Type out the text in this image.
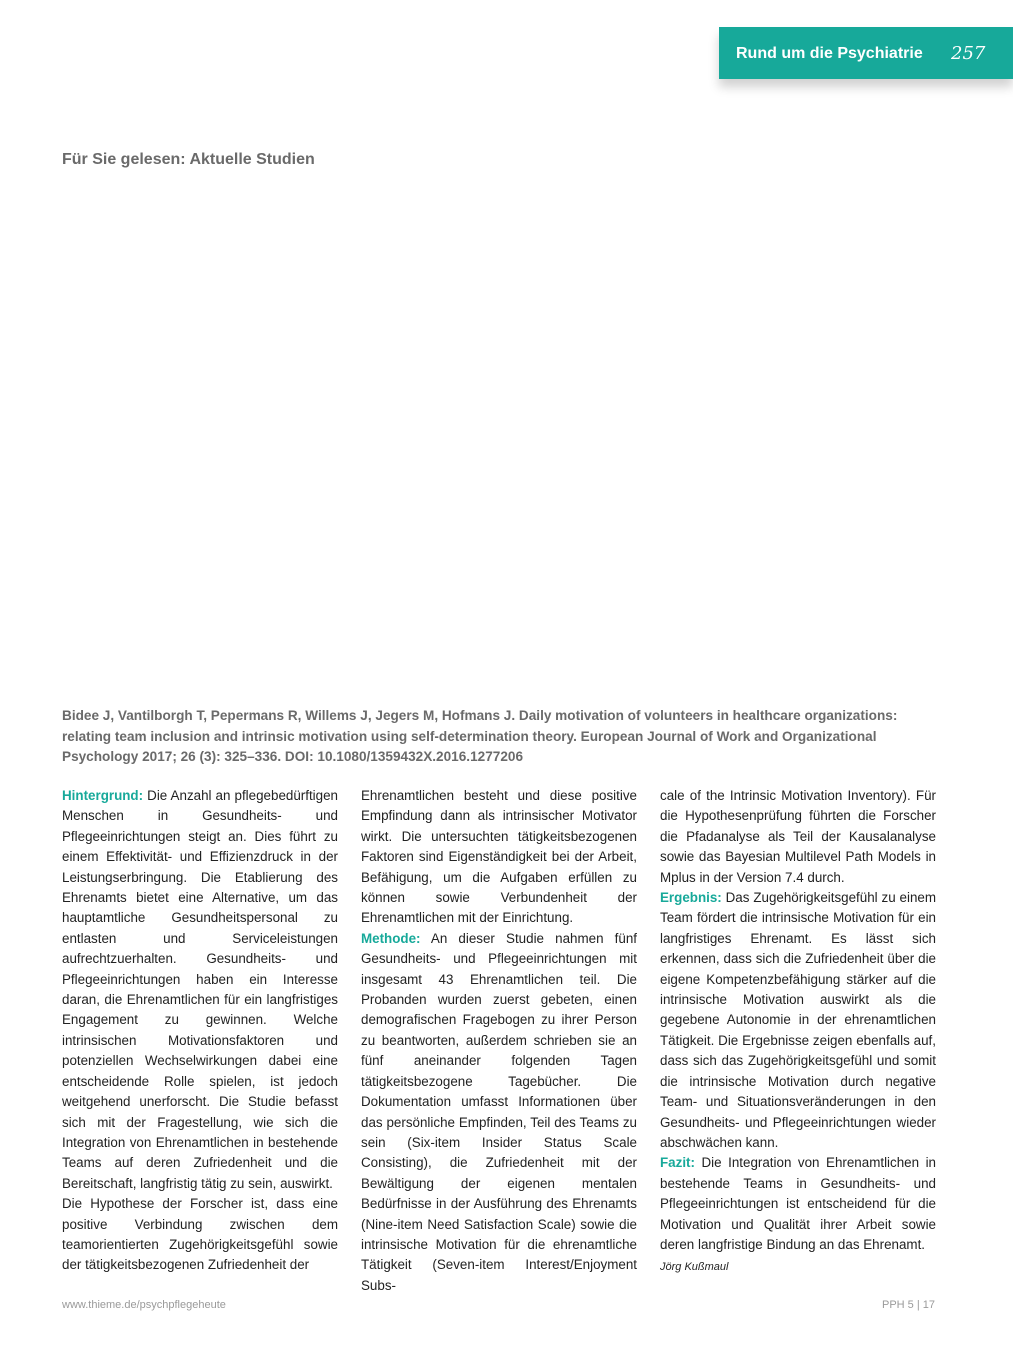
Rund um die Psychiatrie 257
Für Sie gelesen: Aktuelle Studien
Bidee J, Vantilborgh T, Pepermans R, Willems J, Jegers M, Hofmans J. Daily motivation of volunteers in healthcare organizations: relating team inclusion and intrinsic motivation using self-determination theory. European Journal of Work and Organizational Psychology 2017; 26 (3): 325–336. DOI: 10.1080/1359432X.2016.1277206

Hintergrund: Die Anzahl an pflegebedürftigen Menschen in Gesundheits- und Pflegeeinrichtungen steigt an. Dies führt zu einem Effektivität- und Effizienzdruck in der Leistungserbringung. Die Etablierung des Ehrenamts bietet eine Alternative, um das hauptamtliche Gesundheitspersonal zu entlasten und Serviceleistungen aufrechtzuerhalten. Gesundheits- und Pflegeeinrichtungen haben ein Interesse daran, die Ehrenamtlichen für ein langfristiges Engagement zu gewinnen. Welche intrinsischen Motivationsfaktoren und potenziellen Wechselwirkungen dabei eine entscheidende Rolle spielen, ist jedoch weitgehend unerforscht. Die Studie befasst sich mit der Fragestellung, wie sich die Integration von Ehrenamtlichen in bestehende Teams auf deren Zufriedenheit und die Bereitschaft, langfristig tätig zu sein, auswirkt.

Die Hypothese der Forscher ist, dass eine positive Verbindung zwischen dem teamorientierten Zugehörigkeitsgefühl sowie der tätigkeitsbezogenen Zufriedenheit der

Ehrenamtlichen besteht und diese positive Empfindung dann als intrinsischer Motivator wirkt. Die untersuchten tätigkeitsbezogenen Faktoren sind Eigenständigkeit bei der Arbeit, Befähigung, um die Aufgaben erfüllen zu können sowie Verbundenheit der Ehrenamtlichen mit der Einrichtung.

Methode: An dieser Studie nahmen fünf Gesundheits- und Pflegeeinrichtungen mit insgesamt 43 Ehrenamtlichen teil. Die Probanden wurden zuerst gebeten, einen demografischen Fragebogen zu ihrer Person zu beantworten, außerdem schrieben sie an fünf aneinander folgenden Tagen tätigkeitsbezogene Tagebücher. Die Dokumentation umfasst Informationen über das persönliche Empfinden, Teil des Teams zu sein (Six-item Insider Status Scale Consisting), die Zufriedenheit mit der Bewältigung der eigenen mentalen Bedürfnisse in der Ausführung des Ehrenamts (Nine-item Need Satisfaction Scale) sowie die intrinsische Motivation für die ehrenamtliche Tätigkeit (Seven-item Interest/Enjoyment Subs-

cale of the Intrinsic Motivation Inventory). Für die Hypothesenprüfung führten die Forscher die Pfadanalyse als Teil der Kausalanalyse sowie das Bayesian Multilevel Path Models in Mplus in der Version 7.4 durch.

Ergebnis: Das Zugehörigkeitsgefühl zu einem Team fördert die intrinsische Motivation für ein langfristiges Ehrenamt. Es lässt sich erkennen, dass sich die Zufriedenheit über die eigene Kompetenzbefähigung stärker auf die intrinsische Motivation auswirkt als die gegebene Autonomie in der ehrenamtlichen Tätigkeit. Die Ergebnisse zeigen ebenfalls auf, dass sich das Zugehörigkeitsgefühl und somit die intrinsische Motivation durch negative Team- und Situationsveränderungen in den Gesundheits- und Pflegeeinrichtungen wieder abschwächen kann.

Fazit: Die Integration von Ehrenamtlichen in bestehende Teams in Gesundheits- und Pflegeeinrichtungen ist entscheidend für die Motivation und Qualität ihrer Arbeit sowie deren langfristige Bindung an das Ehrenamt.

Jörg Kußmaul
www.thieme.de/psychpflegeheute	PPH 5 | 17
